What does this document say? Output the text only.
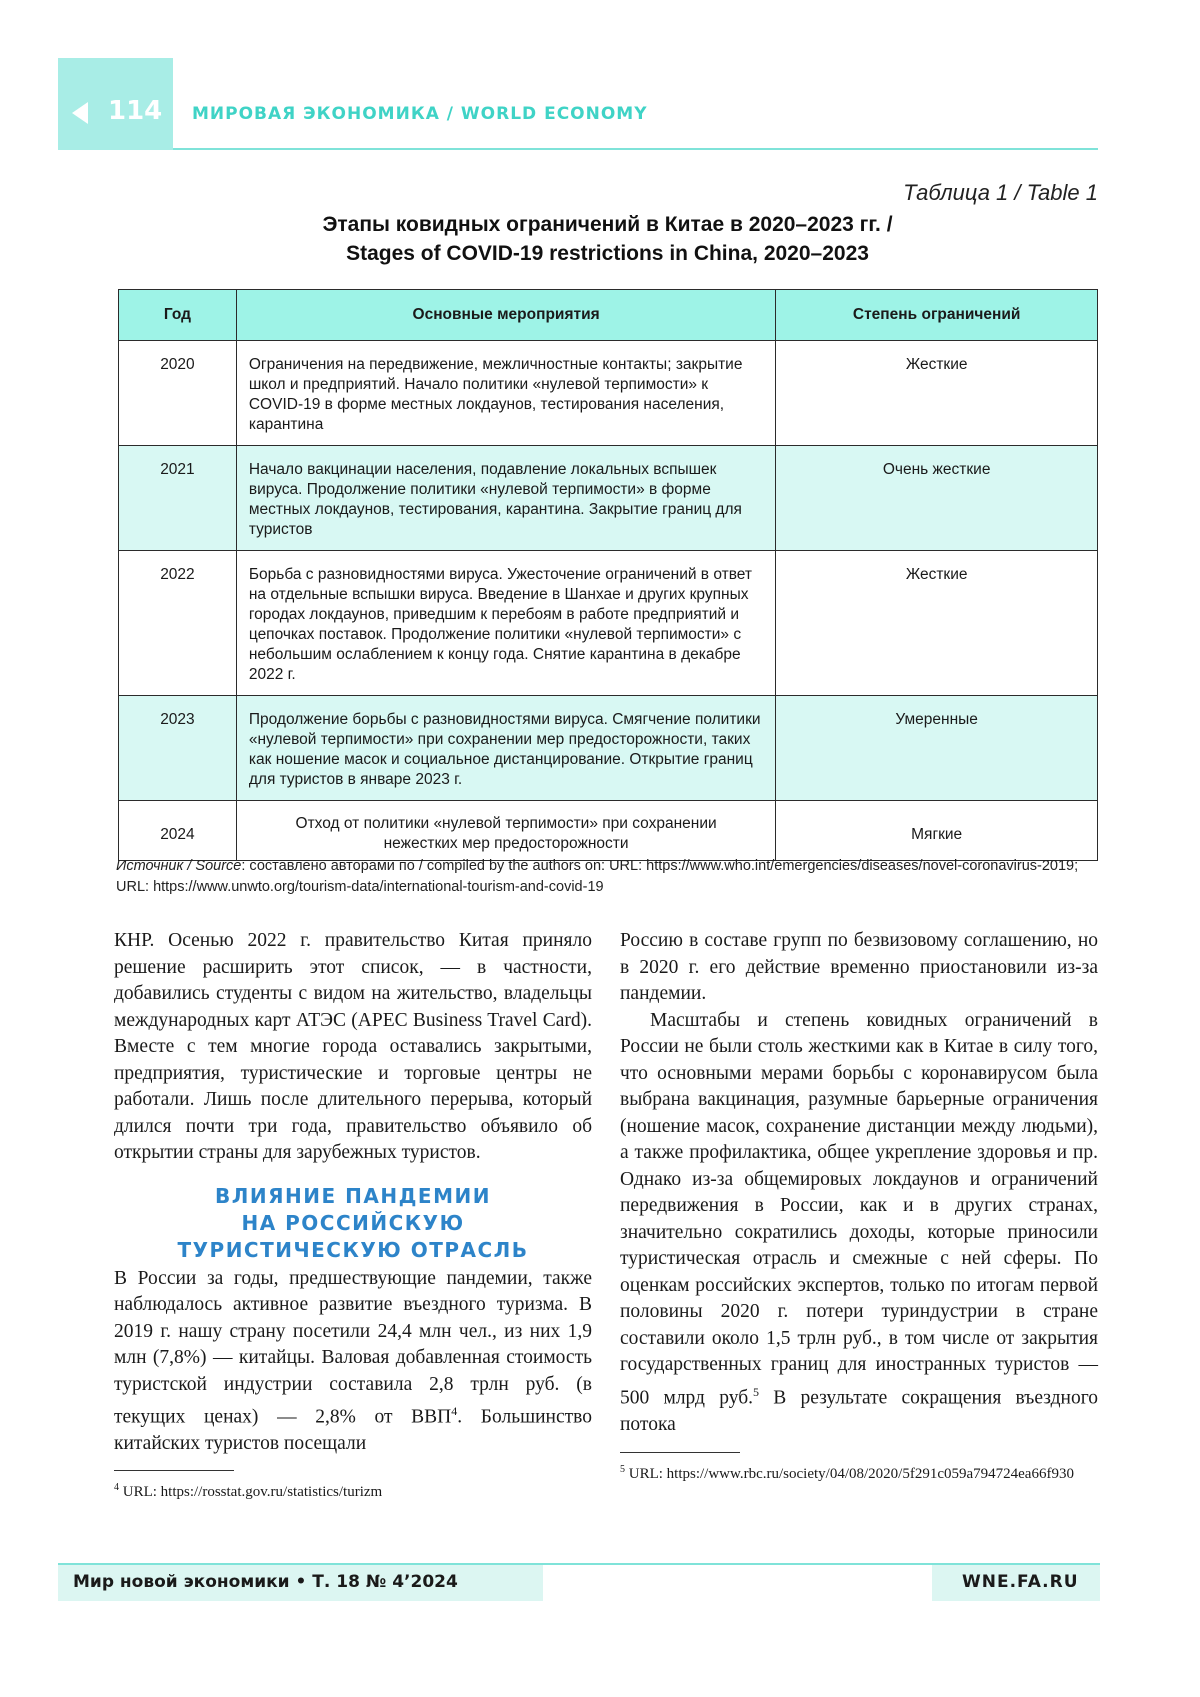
114 МИРОВАЯ ЭКОНОМИКА / WORLD ECONOMY
Таблица 1 / Table 1
Этапы ковидных ограничений в Китае в 2020–2023 гг. /
Stages of COVID-19 restrictions in China, 2020–2023
Год	Основные мероприятия	Степень ограничений
2020	Ограничения на передвижение, межличностные контакты; закрытие школ и предприятий. Начало политики «нулевой терпимости» к COVID-19 в форме местных локдаунов, тестирования населения, карантина	Жесткие
2021	Начало вакцинации населения, подавление локальных вспышек вируса. Продолжение политики «нулевой терпимости» в форме местных локдаунов, тестирования, карантина. Закрытие границ для туристов	Очень жесткие
2022	Борьба с разновидностями вируса. Ужесточение ограничений в ответ на отдельные вспышки вируса. Введение в Шанхае и других крупных городах локдаунов, приведшим к перебоям в работе предприятий и цепочках поставок. Продолжение политики «нулевой терпимости» с небольшим ослаблением к концу года. Снятие карантина в декабре 2022 г.	Жесткие
2023	Продолжение борьбы с разновидностями вируса. Смягчение политики «нулевой терпимости» при сохранении мер предосторожности, таких как ношение масок и социальное дистанцирование. Открытие границ для туристов в январе 2023 г.	Умеренные
2024	Отход от политики «нулевой терпимости» при сохранении нежестких мер предосторожности	Мягкие
Источник / Source: составлено авторами по / compiled by the authors on: URL: https://www.who.int/emergencies/diseases/novel-coronavirus-2019; URL: https://www.unwto.org/tourism-data/international-tourism-and-covid-19

КНР. Осенью 2022 г. правительство Китая приняло решение расширить этот список, — в частности, добавились студенты с видом на жительство, владельцы международных карт АТЭС (APEC Business Travel Card). Вместе с тем многие города оставались закрытыми, предприятия, туристические и торговые центры не работали. Лишь после длительного перерыва, который длился почти три года, правительство объявило об открытии страны для зарубежных туристов.

ВЛИЯНИЕ ПАНДЕМИИ
НА РОССИЙСКУЮ
ТУРИСТИЧЕСКУЮ ОТРАСЛЬ

В России за годы, предшествующие пандемии, также наблюдалось активное развитие въездного туризма. В 2019 г. нашу страну посетили 24,4 млн чел., из них 1,9 млн (7,8%) — китайцы. Валовая добавленная стоимость туристской индустрии составила 2,8 трлн руб. (в текущих ценах) — 2,8% от ВВП$^4$. Большинство китайских туристов посещали

$^4$ URL: https://rosstat.gov.ru/statistics/turizm

Россию в составе групп по безвизовому соглашению, но в 2020 г. его действие временно приостановили из-за пандемии.

Масштабы и степень ковидных ограничений в России не были столь жесткими как в Китае в силу того, что основными мерами борьбы с коронавирусом была выбрана вакцинация, разумные барьерные ограничения (ношение масок, сохранение дистанции между людьми), а также профилактика, общее укрепление здоровья и пр. Однако из-за общемировых локдаунов и ограничений передвижения в России, как и в других странах, значительно сократились доходы, которые приносили туристическая отрасль и смежные с ней сферы. По оценкам российских экспертов, только по итогам первой половины 2020 г. потери туриндустрии в стране составили около 1,5 трлн руб., в том числе от закрытия государственных границ для иностранных туристов — 500 млрд руб.$^5$ В результате сокращения въездного потока

$^5$ URL: https://www.rbc.ru/society/04/08/2020/5f291c059a794724ea66f930
Мир новой экономики • Т. 18 № 4’2024	WNE.FA.RU
